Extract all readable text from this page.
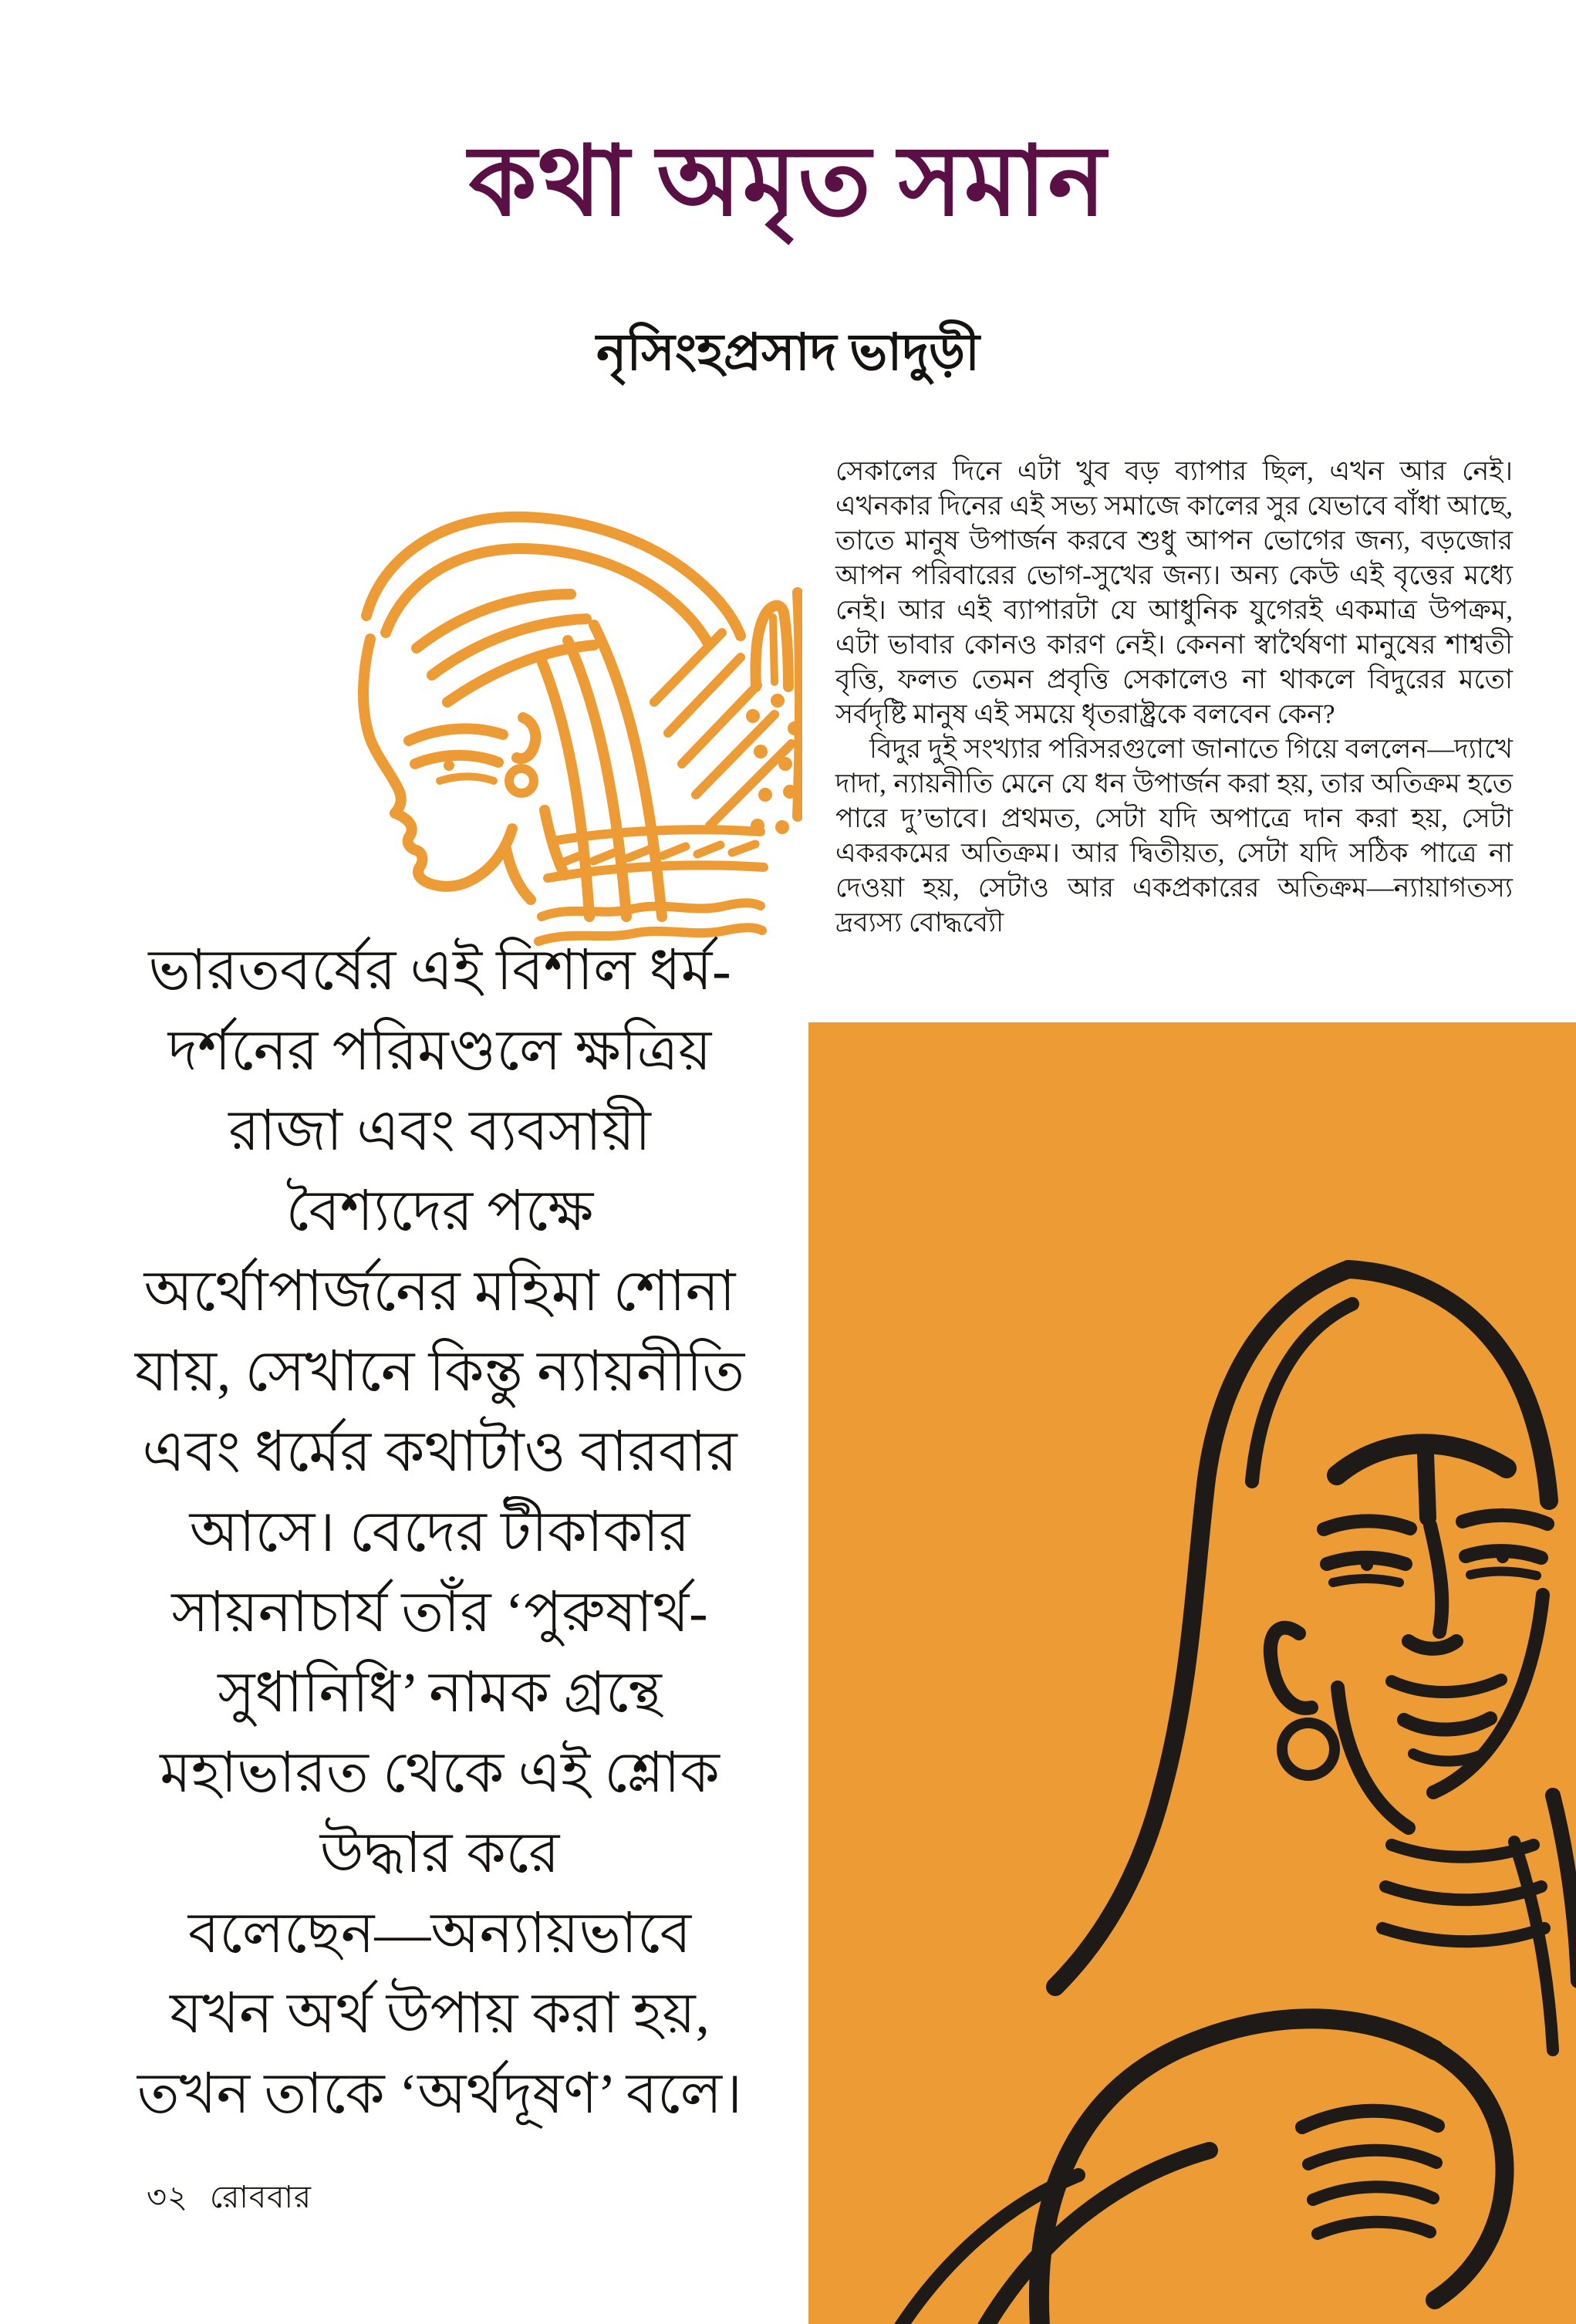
কথা অমৃত সমান
নৃসিংহপ্রসাদ ভাদুড়ী

সেকালের দিনে এটা খুব বড় ব্যাপার ছিল, এখন আর নেই। এখনকার দিনের এই সভ্য সমাজে কালের সুর যেভাবে বাঁধা আছে, তাতে মানুষ উপার্জন করবে শুধু আপন ভোগের জন্য, বড়জোর আপন পরিবারের ভোগ-সুখের জন্য। অন্য কেউ এই বৃত্তের মধ্যে নেই। আর এই ব্যাপারটা যে আধুনিক যুগেরই একমাত্র উপক্রম, এটা ভাবার কোনও কারণ নেই। কেননা স্বার্থৈষণা মানুষের শাশ্বতী বৃত্তি, ফলত তেমন প্রবৃত্তি সেকালেও না থাকলে বিদুরের মতো সর্বদৃষ্টি মানুষ এই সময়ে ধৃতরাষ্ট্রকে বলবেন কেন?

বিদুর দুই সংখ্যার পরিসরগুলো জানাতে গিয়ে বললেন—দ্যাখে দাদা, ন্যায়নীতি মেনে যে ধন উপার্জন করা হয়, তার অতিক্রম হতে পারে দু’ভাবে। প্রথমত, সেটা যদি অপাত্রে দান করা হয়, সেটা একরকমের অতিক্রম। আর দ্বিতীয়ত, সেটা যদি সঠিক পাত্রে না দেওয়া হয়, সেটাও আর একপ্রকারের অতিক্রম—ন্যায়াগতস্য দ্রব্যস্য বোদ্ধব্যৌ

ভারতবর্ষের এই বিশাল ধর্ম-
দর্শনের পরিমণ্ডলে ক্ষত্রিয়
রাজা এবং ব্যবসায়ী
বৈশ্যদের পক্ষে
অর্থোপার্জনের মহিমা শোনা
যায়, সেখানে কিন্তু ন্যায়নীতি
এবং ধর্মের কথাটাও বারবার
আসে। বেদের টীকাকার
সায়নাচার্য তাঁর ‘পুরুষার্থ-
সুধানিধি’ নামক গ্রন্থে
মহাভারত থেকে এই শ্লোক
উদ্ধার করে
বলেছেন—অন্যায়ভাবে
যখন অর্থ উপায় করা হয়,
তখন তাকে ‘অর্থদূষণ’ বলে।
৩২ রোববার
